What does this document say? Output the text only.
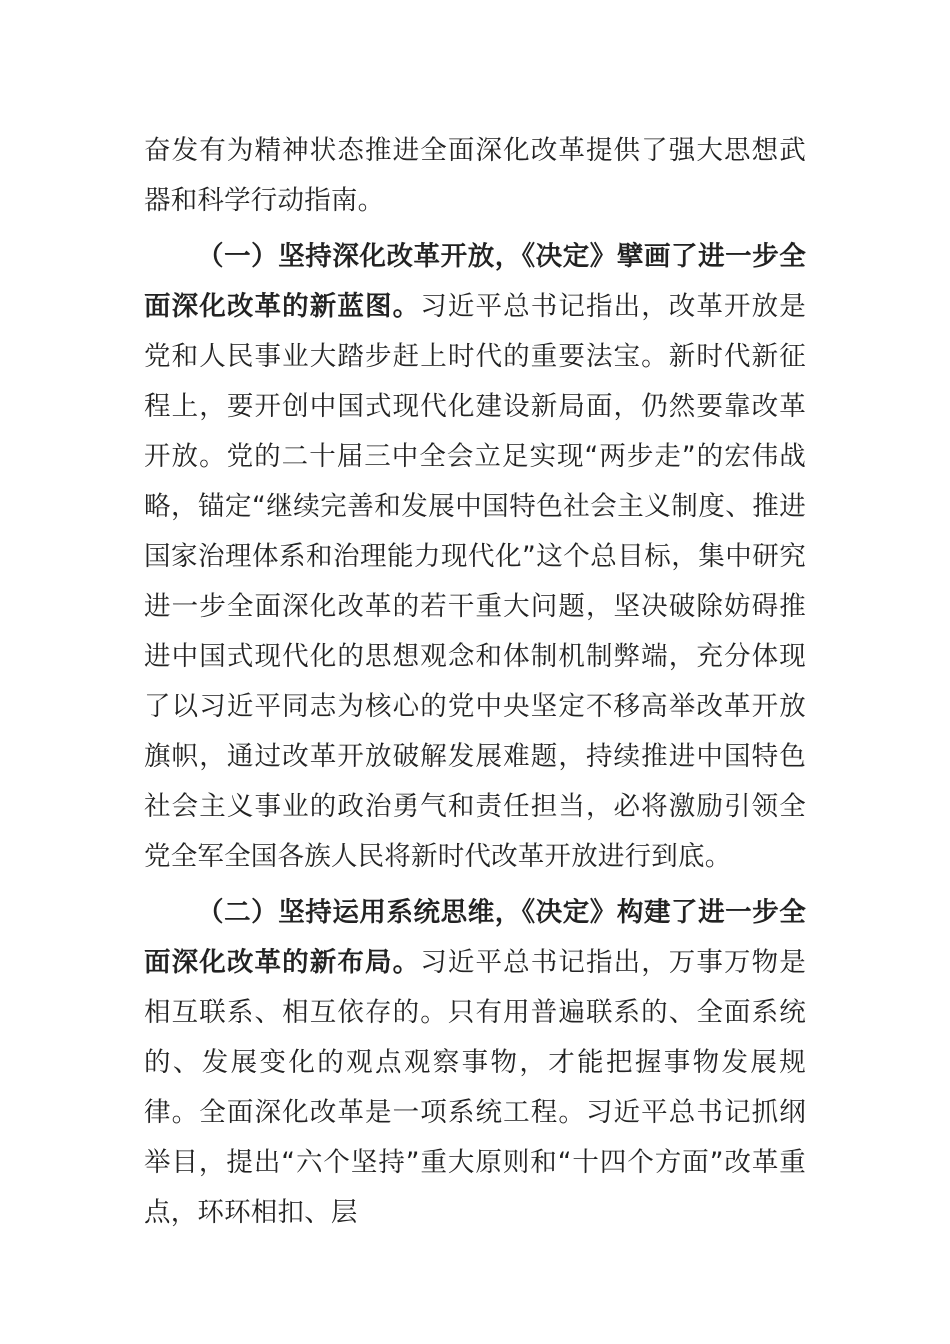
奋发有为精神状态推进全面深化改革提供了强大思想武器和科学行动指南。

（一）坚持深化改革开放，《决定》擘画了进一步全面深化改革的新蓝图。习近平总书记指出，改革开放是党和人民事业大踏步赶上时代的重要法宝。新时代新征程上，要开创中国式现代化建设新局面，仍然要靠改革开放。党的二十届三中全会立足实现“两步走”的宏伟战略，锚定“继续完善和发展中国特色社会主义制度、推进国家治理体系和治理能力现代化”这个总目标，集中研究进一步全面深化改革的若干重大问题，坚决破除妨碍推进中国式现代化的思想观念和体制机制弊端，充分体现了以习近平同志为核心的党中央坚定不移高举改革开放旗帜，通过改革开放破解发展难题，持续推进中国特色社会主义事业的政治勇气和责任担当，必将激励引领全党全军全国各族人民将新时代改革开放进行到底。

（二）坚持运用系统思维，《决定》构建了进一步全面深化改革的新布局。习近平总书记指出，万事万物是相互联系、相互依存的。只有用普遍联系的、全面系统的、发展变化的观点观察事物，才能把握事物发展规律。全面深化改革是一项系统工程。习近平总书记抓纲举目，提出“六个坚持”重大原则和“十四个方面”改革重点，环环相扣、层
